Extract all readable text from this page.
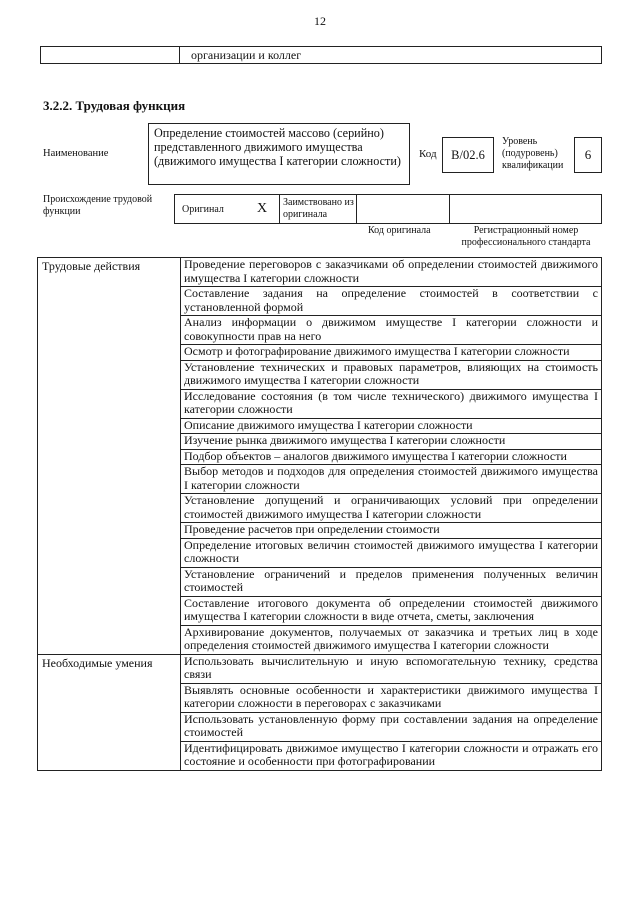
12
организации и коллег
3.2.2. Трудовая функция
Наименование
Определение стоимостей массово (серийно) представленного движимого имущества (движимого имущества I категории сложности)	Код	B/02.6
Уровень (подуровень) квалификации
6
Происхождение трудовой функции	Оригинал X Заимствовано из оригинала
Код оригинала	Регистрационный номер профессионального стандарта
Трудовые действия	Проведение переговоров с заказчиками об определении стоимостей движимого имущества I категории сложности

	Составление задания на определение стоимостей в соответствии с установленной формой

	Анализ информации о движимом имуществе I категории сложности и совокупности прав на него

	Осмотр и фотографирование движимого имущества I категории сложности

	Установление технических и правовых параметров, влияющих на стоимость движимого имущества I категории сложности

	Исследование состояния (в том числе технического) движимого имущества I категории сложности

	Описание движимого имущества I категории сложности

	Изучение рынка движимого имущества I категории сложности

	Подбор объектов – аналогов движимого имущества I категории сложности

	Выбор методов и подходов для определения стоимостей движимого имущества I категории сложности

	Установление допущений и ограничивающих условий при определении стоимостей движимого имущества I категории сложности

	Проведение расчетов при определении стоимости

	Определение итоговых величин стоимостей движимого имущества I категории сложности

	Установление ограничений и пределов применения полученных величин стоимостей

	Составление итогового документа об определении стоимостей движимого имущества I категории сложности в виде отчета, сметы, заключения

	Архивирование документов, получаемых от заказчика и третьих лиц в ходе определения стоимостей движимого имущества I категории сложности

Необходимые умения	Использовать вычислительную и иную вспомогательную технику, средства связи

	Выявлять основные особенности и характеристики движимого имущества I категории сложности в переговорах с заказчиками

	Использовать установленную форму при составлении задания на определение стоимостей

	Идентифицировать движимое имущество I категории сложности и отражать его состояние и особенности при фотографировании
